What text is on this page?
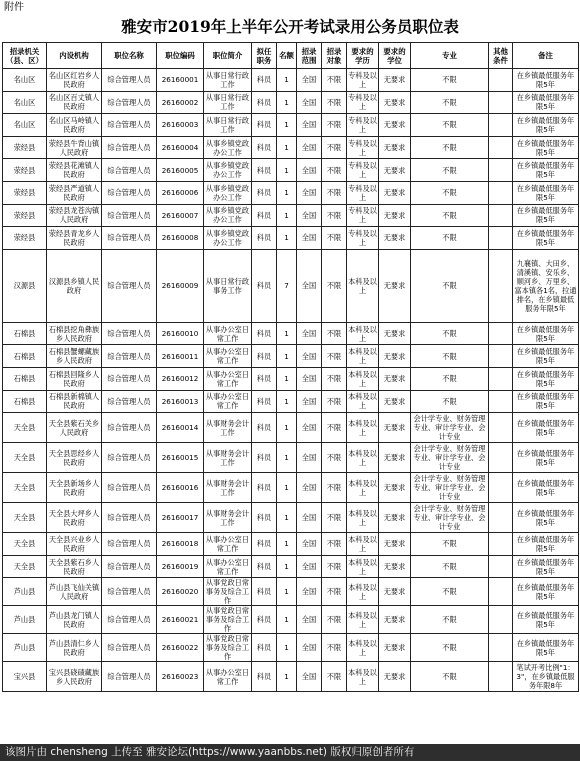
附件
雅安市2019年上半年公开考试录用公务员职位表
招录机关（县、区）	内设机构	职位名称	职位编码	职位简介	拟任职务	名额	招录范围	招录对象	要求的学历	要求的学位	专业	其他条件	备注
名山区	名山区红岩乡人民政府	综合管理人员	26160001	从事日常行政工作	科员	1	全国	不限	专科及以上	无要求	不限		在乡镇最低服务年限5年
名山区	名山区百丈镇人民政府	综合管理人员	26160002	从事日常行政工作	科员	1	全国	不限	专科及以上	无要求	不限		在乡镇最低服务年限5年
名山区	名山区马岭镇人民政府	综合管理人员	26160003	从事日常行政工作	科员	1	全国	不限	专科及以上	无要求	不限		在乡镇最低服务年限5年
荥经县	荥经县牛背山镇人民政府	综合管理人员	26160004	从事乡镇党政办公工作	科员	1	全国	不限	专科及以上	无要求	不限		在乡镇最低服务年限5年
荥经县	荥经县花滩镇人民政府	综合管理人员	26160005	从事乡镇党政办公工作	科员	1	全国	不限	专科及以上	无要求	不限		在乡镇最低服务年限5年
荥经县	荥经县严道镇人民政府	综合管理人员	26160006	从事乡镇党政办公工作	科员	1	全国	不限	专科及以上	无要求	不限		在乡镇最低服务年限5年
荥经县	荥经县龙苍沟镇人民政府	综合管理人员	26160007	从事乡镇党政办公工作	科员	1	全国	不限	专科及以上	无要求	不限		在乡镇最低服务年限5年
荥经县	荥经县青龙乡人民政府	综合管理人员	26160008	从事乡镇党政办公工作	科员	1	全国	不限	专科及以上	无要求	不限		在乡镇最低服务年限5年
汉源县	汉源县乡镇人民政府	综合管理人员	26160009	从事日常行政事务工作	科员	7	全国	不限	本科及以上	无要求	不限		九襄镇、大田乡、清溪镇、安乐乡、顺河乡、万里乡、富本镇各1名，拉通排名，在乡镇最低服务年限5年
石棉县	石棉县挖角彝族乡人民政府	综合管理人员	26160010	从事办公室日常工作	科员	1	全国	不限	本科及以上	无要求	不限		在乡镇最低服务年限5年
石棉县	石棉县蟹螺藏族乡人民政府	综合管理人员	26160011	从事办公室日常工作	科员	1	全国	不限	本科及以上	无要求	不限		在乡镇最低服务年限5年
石棉县	石棉县回隆乡人民政府	综合管理人员	26160012	从事办公室日常工作	科员	1	全国	不限	本科及以上	无要求	不限		在乡镇最低服务年限5年
石棉县	石棉县新棉镇人民政府	综合管理人员	26160013	从事办公室日常工作	科员	1	全国	不限	本科及以上	无要求	不限		在乡镇最低服务年限5年
天全县	天全县紫石关乡人民政府	综合管理人员	26160014	从事财务会计工作	科员	1	全国	不限	本科及以上	无要求	会计学专业、财务管理专业、审计学专业、会计专业		在乡镇最低服务年限5年
天全县	天全县思经乡人民政府	综合管理人员	26160015	从事财务会计工作	科员	1	全国	不限	本科及以上	无要求	会计学专业、财务管理专业、审计学专业、会计专业		在乡镇最低服务年限5年
天全县	天全县新场乡人民政府	综合管理人员	26160016	从事财务会计工作	科员	1	全国	不限	本科及以上	无要求	会计学专业、财务管理专业、审计学专业、会计专业		在乡镇最低服务年限5年
天全县	天全县大坪乡人民政府	综合管理人员	26160017	从事财务会计工作	科员	1	全国	不限	本科及以上	无要求	会计学专业、财务管理专业、审计学专业、会计专业		在乡镇最低服务年限5年
天全县	天全县兴业乡人民政府	综合管理人员	26160018	从事办公室日常工作	科员	1	全国	不限	本科及以上	无要求	不限		在乡镇最低服务年限5年
天全县	天全县紫石乡人民政府	综合管理人员	26160019	从事办公室日常工作	科员	1	全国	不限	本科及以上	无要求	不限		在乡镇最低服务年限5年
芦山县	芦山县飞仙关镇人民政府	综合管理人员	26160020	从事党政日常事务及综合工作	科员	1	全国	不限	本科及以上	无要求	不限		在乡镇最低服务年限5年
芦山县	芦山县龙门镇人民政府	综合管理人员	26160021	从事党政日常事务及综合工作	科员	1	全国	不限	本科及以上	无要求	不限		在乡镇最低服务年限5年
芦山县	芦山县清仁乡人民政府	综合管理人员	26160022	从事党政日常事务及综合工作	科员	1	全国	不限	本科及以上	无要求	不限		在乡镇最低服务年限5年
宝兴县	宝兴县硗碛藏族乡人民政府	综合管理人员	26160023	从事办公室日常工作	科员	1	全国	不限	本科及以上	无要求	不限		笔试开考比例"1：3"，在乡镇最低服务年限8年
该图片由 chensheng 上传至 雅安论坛(https://www.yaanbbs.net) 版权归原创者所有
